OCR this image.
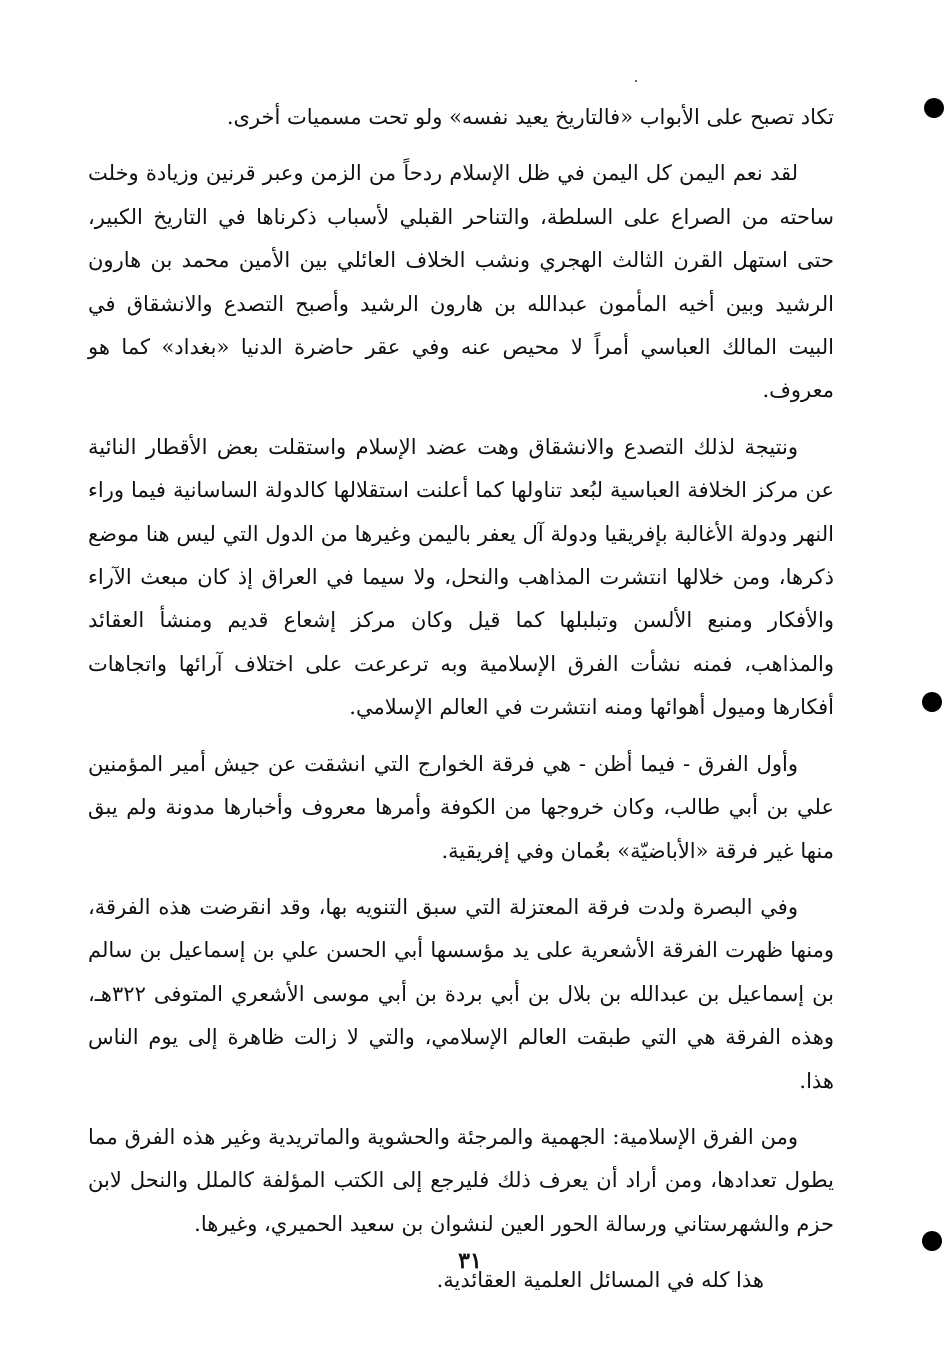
تكاد تصبح على الأبواب «فالتاريخ يعيد نفسه» ولو تحت مسميات أخرى.

لقد نعم اليمن كل اليمن في ظل الإسلام ردحاً من الزمن وعبر قرنين وزيادة وخلت ساحته من الصراع على السلطة، والتناحر القبلي لأسباب ذكرناها في التاريخ الكبير، حتى استهل القرن الثالث الهجري ونشب الخلاف العائلي بين الأمين محمد بن هارون الرشيد وبين أخيه المأمون عبدالله بن هارون الرشيد وأصبح التصدع والانشقاق في البيت المالك العباسي أمراً لا محيص عنه وفي عقر حاضرة الدنيا «بغداد» كما هو معروف.

ونتيجة لذلك التصدع والانشقاق وهت عضد الإسلام واستقلت بعض الأقطار النائية عن مركز الخلافة العباسية لبُعد تناولها كما أعلنت استقلالها كالدولة الساسانية فيما وراء النهر ودولة الأغالبة بإفريقيا ودولة آل يعفر باليمن وغيرها من الدول التي ليس هنا موضع ذكرها، ومن خلالها انتشرت المذاهب والنحل، ولا سيما في العراق إذ كان مبعث الآراء والأفكار ومنبع الألسن وتبلبلها كما قيل وكان مركز إشعاع قديم ومنشأ العقائد والمذاهب، فمنه نشأت الفرق الإسلامية وبه ترعرعت على اختلاف آرائها واتجاهات أفكارها وميول أهوائها ومنه انتشرت في العالم الإسلامي.

وأول الفرق - فيما أظن - هي فرقة الخوارج التي انشقت عن جيش أمير المؤمنين علي بن أبي طالب، وكان خروجها من الكوفة وأمرها معروف وأخبارها مدونة ولم يبق منها غير فرقة «الأباضيّة» بعُمان وفي إفريقية.

وفي البصرة ولدت فرقة المعتزلة التي سبق التنويه بها، وقد انقرضت هذه الفرقة، ومنها ظهرت الفرقة الأشعرية على يد مؤسسها أبي الحسن علي بن إسماعيل بن سالم بن إسماعيل بن عبدالله بن بلال بن أبي بردة بن أبي موسى الأشعري المتوفى ٣٢٢هـ، وهذه الفرقة هي التي طبقت العالم الإسلامي، والتي لا زالت ظاهرة إلى يوم الناس هذا.

ومن الفرق الإسلامية: الجهمية والمرجئة والحشوية والماتريدية وغير هذه الفرق مما يطول تعدادها، ومن أراد أن يعرف ذلك فليرجع إلى الكتب المؤلفة كالملل والنحل لابن حزم والشهرستاني ورسالة الحور العين لنشوان بن سعيد الحميري، وغيرها.

هذا كله في المسائل العلمية العقائدية.

٣١
